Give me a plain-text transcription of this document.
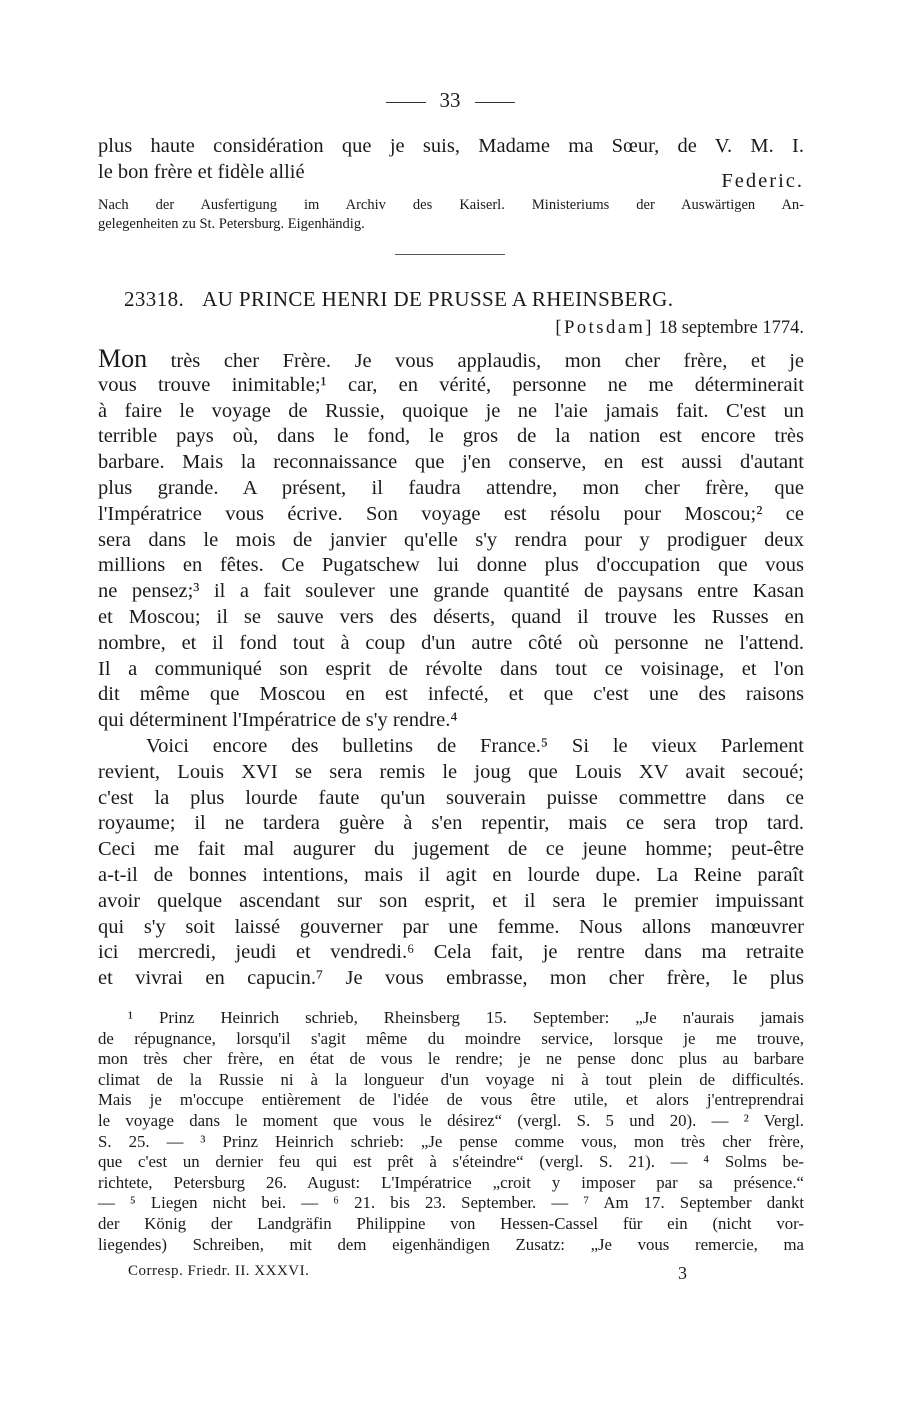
33
plus haute considération que je suis, Madame ma Sœur, de V. M. I.
le bon frère et fidèle allié	Federic.
Nach der Ausfertigung im Archiv des Kaiserl. Ministeriums der Auswärtigen An-
gelegenheiten zu St. Petersburg. Eigenhändig.
23318. AU PRINCE HENRI DE PRUSSE A RHEINSBERG.
[Potsdam] 18 septembre 1774.
Mon très cher Frère. Je vous applaudis, mon cher frère, et je
vous trouve inimitable;¹ car, en vérité, personne ne me déterminerait
à faire le voyage de Russie, quoique je ne l'aie jamais fait. C'est un
terrible pays où, dans le fond, le gros de la nation est encore très
barbare. Mais la reconnaissance que j'en conserve, en est aussi d'autant
plus grande. A présent, il faudra attendre, mon cher frère, que
l'Impératrice vous écrive. Son voyage est résolu pour Moscou;² ce
sera dans le mois de janvier qu'elle s'y rendra pour y prodiguer deux
millions en fêtes. Ce Pugatschew lui donne plus d'occupation que vous
ne pensez;³ il a fait soulever une grande quantité de paysans entre Kasan
et Moscou; il se sauve vers des déserts, quand il trouve les Russes en
nombre, et il fond tout à coup d'un autre côté où personne ne l'attend.
Il a communiqué son esprit de révolte dans tout ce voisinage, et l'on
dit même que Moscou en est infecté, et que c'est une des raisons
qui déterminent l'Impératrice de s'y rendre.⁴
Voici encore des bulletins de France.⁵ Si le vieux Parlement
revient, Louis XVI se sera remis le joug que Louis XV avait secoué;
c'est la plus lourde faute qu'un souverain puisse commettre dans ce
royaume; il ne tardera guère à s'en repentir, mais ce sera trop tard.
Ceci me fait mal augurer du jugement de ce jeune homme; peut-être
a-t-il de bonnes intentions, mais il agit en lourde dupe. La Reine paraît
avoir quelque ascendant sur son esprit, et il sera le premier impuissant
qui s'y soit laissé gouverner par une femme. Nous allons manœuvrer
ici mercredi, jeudi et vendredi.⁶ Cela fait, je rentre dans ma retraite
et vivrai en capucin.⁷ Je vous embrasse, mon cher frère, le plus
¹ Prinz Heinrich schrieb, Rheinsberg 15. September: „Je n'aurais jamais
de répugnance, lorsqu'il s'agit même du moindre service, lorsque je me trouve,
mon très cher frère, en état de vous le rendre; je ne pense donc plus au barbare
climat de la Russie ni à la longueur d'un voyage ni à tout plein de difficultés.
Mais je m'occupe entièrement de l'idée de vous être utile, et alors j'entreprendrai
le voyage dans le moment que vous le désirez“ (vergl. S. 5 und 20). — ² Vergl.
S. 25. — ³ Prinz Heinrich schrieb: „Je pense comme vous, mon très cher frère,
que c'est un dernier feu qui est prêt à s'éteindre“ (vergl. S. 21). — ⁴ Solms be-
richtete, Petersburg 26. August: L'Impératrice „croit y imposer par sa présence.“
— ⁵ Liegen nicht bei. — ⁶ 21. bis 23. September. — ⁷ Am 17. September dankt
der König der Landgräfin Philippine von Hessen-Cassel für ein (nicht vor-
liegendes) Schreiben, mit dem eigenhändigen Zusatz: „Je vous remercie, ma
Corresp. Friedr. II. XXXVI.	3
